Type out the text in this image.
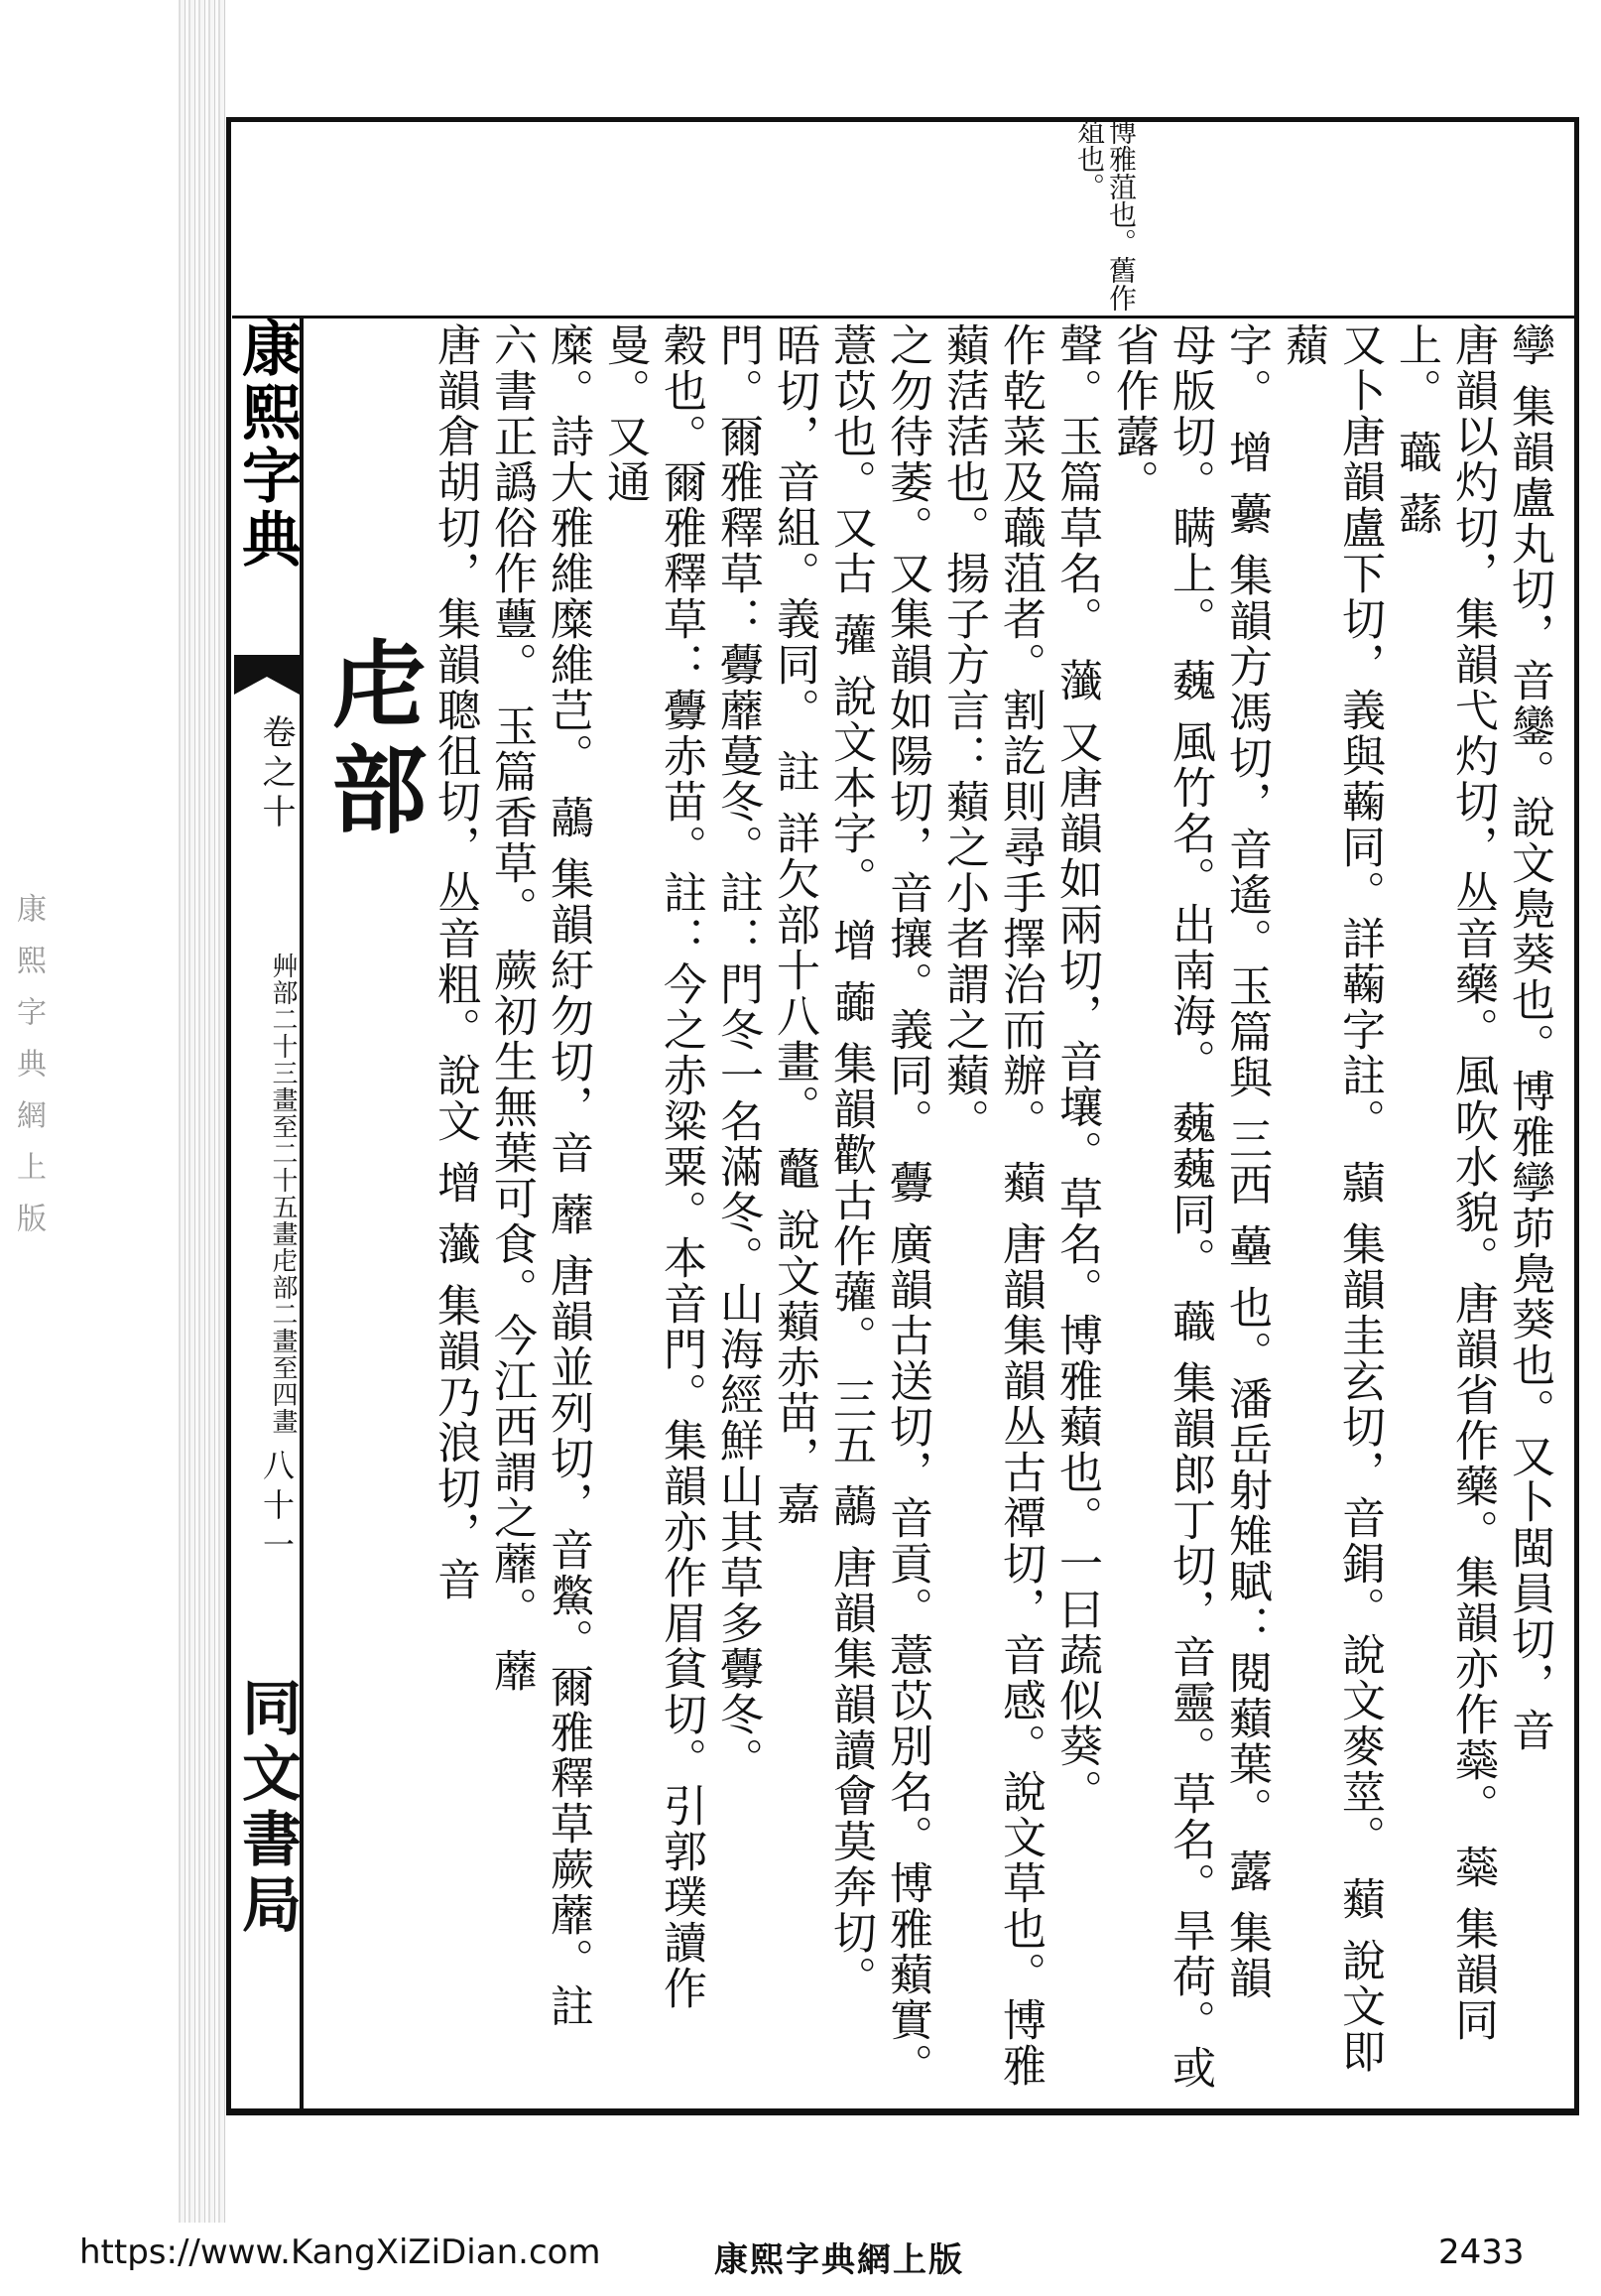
康熙字典網上版
博雅菹也。舊作葅也。
康熙字典
卷之十
艸部二十三畫至二十五畫虍部二畫至四畫
八十一
同文書局
虍部	孿 集韻盧丸切，音鑾。說文鳧葵也。博雅孿茆鳧葵也。又卜閩員切，音
唐韻以灼切，集韻弋灼切，丛音藥。風吹水貌。唐韻省作藥。集韻亦作蘂。 蘂 集韻同上。 蘵 蘨
又卜唐韻盧下切，義與蘜同。詳蘜字註。 蘏 集韻圭玄切，音鋗。說文麥莖。 蘱 說文即蘈
字。 增 虆 集韻方馮切，音遙。玉篇與 三西 蘲 也。潘岳射雉賦：閱蘱葉。 虂 集韻
母版切。瞒上。 蘶 風竹名。出南海。 蘶蘶同。 蘵 集韻郎丁切，音靈。草名。旱荷。或省作虂。
聲。玉篇草名。 虃 又唐韻如兩切，音壤。草名。博雅蘱也。一曰蔬似葵。
作乾菜及蘵菹者。割訖則尋手擇治而辦。 蘱 唐韻集韻丛古禫切，音感。說文草也。博雅蘱萿萿也。揚子方言：蘱之小者謂之蘱。
之勿待萎。又集韻如陽切，音攘。義同。 虋 廣韻古送切，音貢。薏苡別名。博雅蘱實。
薏苡也。又古 虇 說文本字。 增 虈 集韻歡古作虇。 三五 虉 唐韻集韻讀會莫奔切。
晤切，音組。義同。 註 詳欠部十八畫。 虌 說文蘱赤苗，嘉
門。爾雅釋草：虋蘼蔓冬。註：門冬一名滿冬。山海經鮮山其草多虋冬。
穀也。爾雅釋草：虋赤苗。註：今之赤粱粟。本音門。集韻亦作眉貧切。引郭璞讀作曼。又通
糜。詩大雅維糜維芑。 虉 集韻紆勿切，音 蘼 唐韻並列切，音鱉。爾雅釋草蕨蘼。註
六書正譌俗作蘴。 玉篇香草。 蕨初生無葉可食。今江西謂之蘼。 蘼
唐韻倉胡切，集韻聰徂切，丛音粗。說文 增 虃 集韻乃浪切，音
https://www.KangXiZiDian.com	康熙字典網上版	2433
